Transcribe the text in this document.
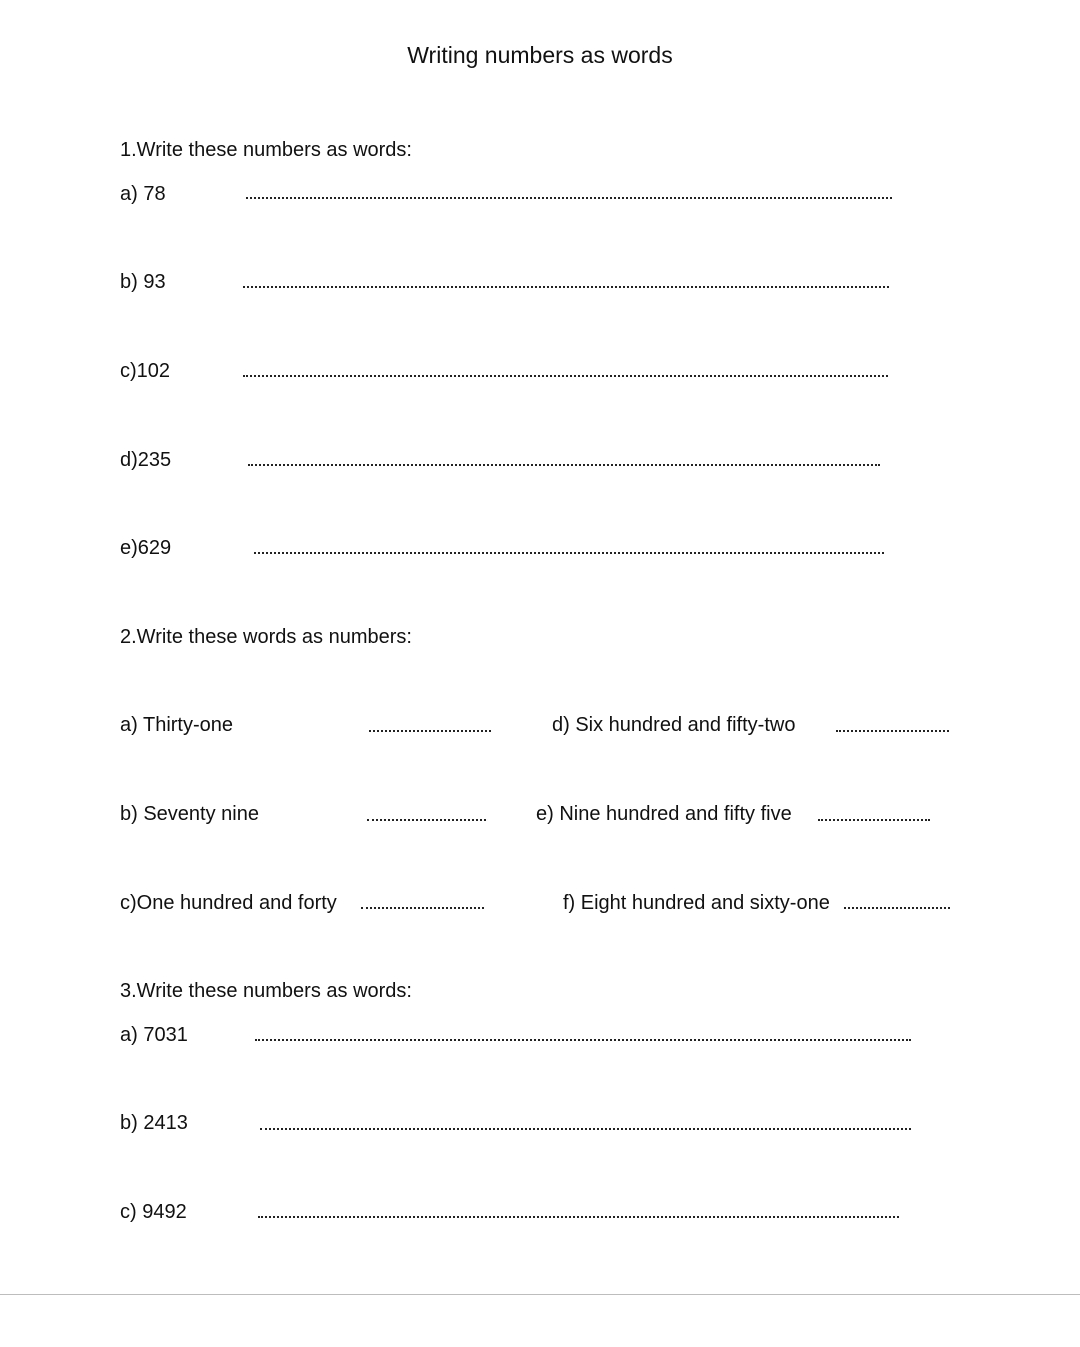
Writing numbers as words
1.Write these numbers as words:
a) 78
b) 93
c)102
d)235
e)629
2.Write these words as numbers:
a) Thirty-one	d) Six hundred and fifty-two
b) Seventy nine	e) Nine hundred and fifty five
c)One hundred and forty	f) Eight hundred and sixty-one
3.Write these numbers as words:
a) 7031
b) 2413
c) 9492
